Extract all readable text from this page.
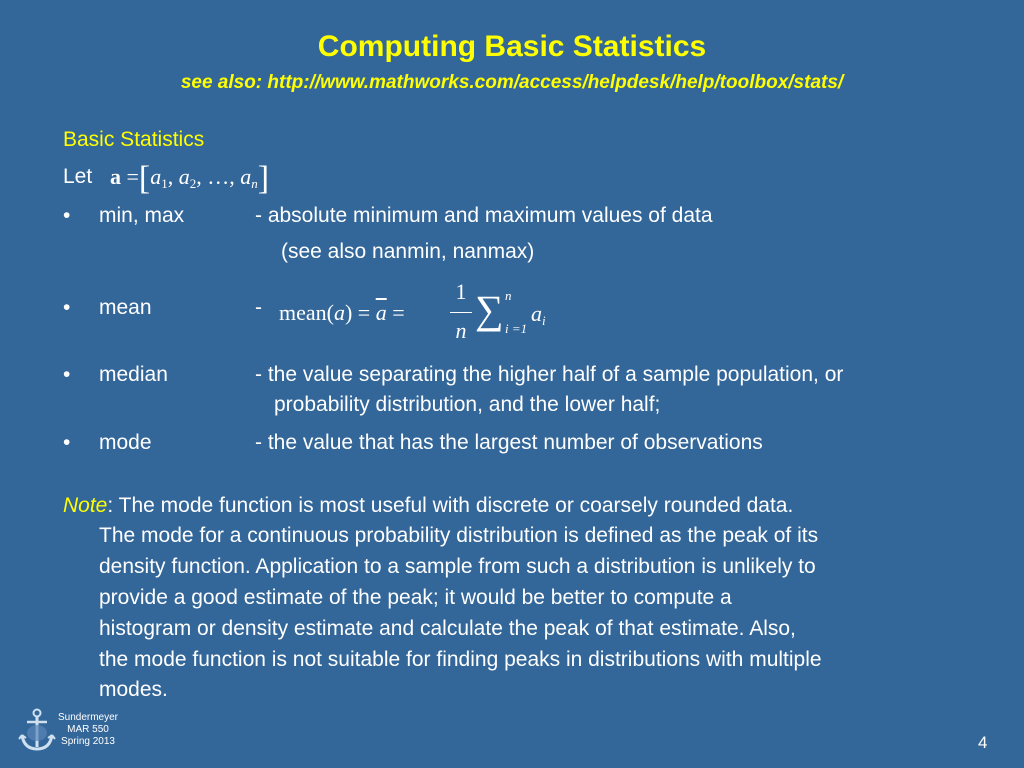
Computing Basic Statistics
see also: http://www.mathworks.com/access/helpdesk/help/toolbox/stats/
Basic Statistics
Let $a =[a_1$, $a_2$, …, $a_n$]
• min, max	- absolute minimum and maximum values of data
(see also nanmin, nanmax)
• mean	- mean(a) = $\overline{a}$ =
1
n ∑ n
i =1
$a_i$
• median	- the value separating the higher half of a sample population, or
probability distribution, and the lower half;
• mode	- the value that has the largest number of observations
Note: The mode function is most useful with discrete or coarsely rounded data.
The mode for a continuous probability distribution is defined as the peak of its
density function. Application to a sample from such a distribution is unlikely to
provide a good estimate of the peak; it would be better to compute a
histogram or density estimate and calculate the peak of that estimate. Also,
the mode function is not suitable for finding peaks in distributions with multiple
modes.
Sundermeyer
MAR 550
Spring 2013	4
